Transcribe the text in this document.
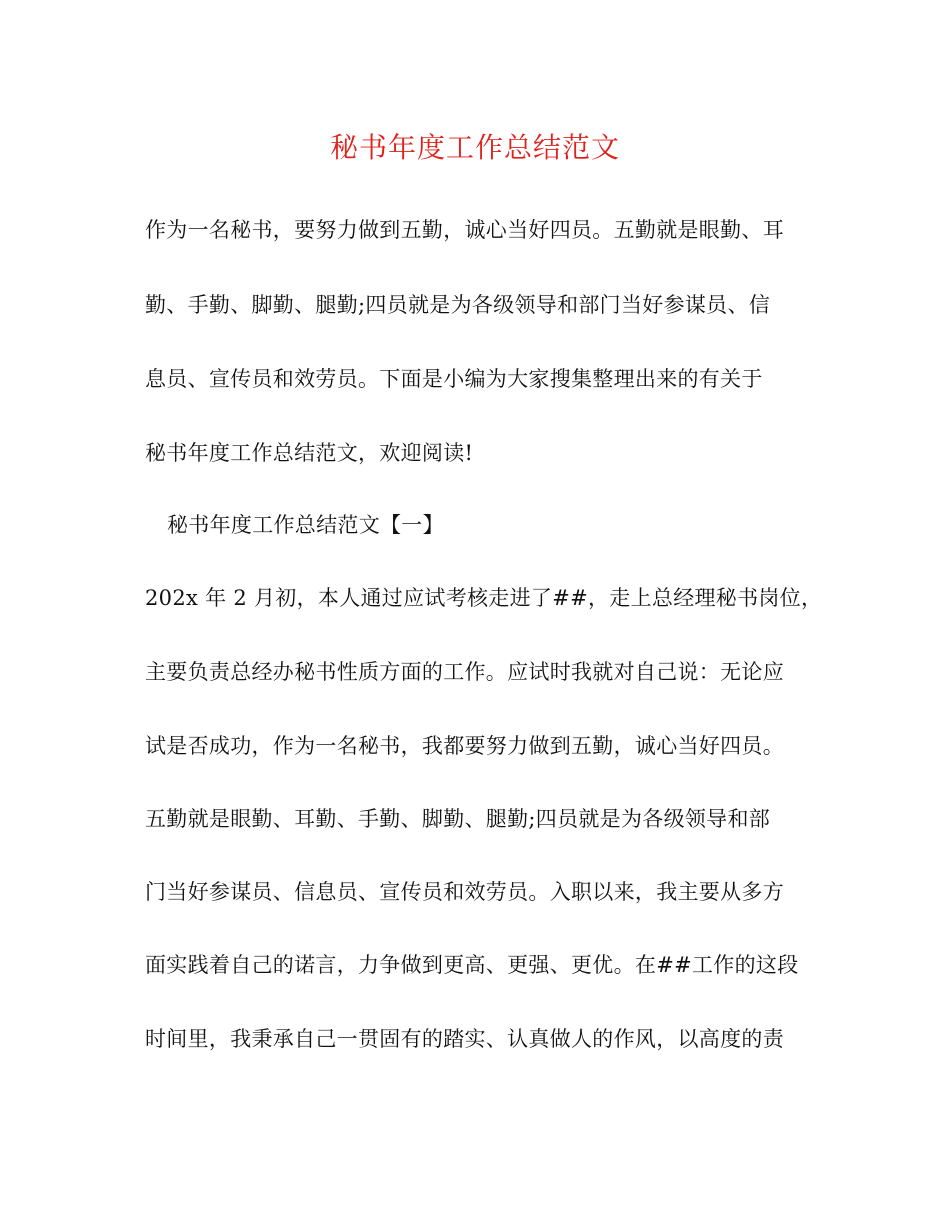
秘书年度工作总结范文
作为一名秘书，要努力做到五勤，诚心当好四员。五勤就是眼勤、耳
勤、手勤、脚勤、腿勤;四员就是为各级领导和部门当好参谋员、信
息员、宣传员和效劳员。下面是小编为大家搜集整理出来的有关于
秘书年度工作总结范文，欢迎阅读!
秘书年度工作总结范文【一】
202x 年 2 月初，本人通过应试考核走进了##，走上总经理秘书岗位，
主要负责总经办秘书性质方面的工作。应试时我就对自己说：无论应
试是否成功，作为一名秘书，我都要努力做到五勤，诚心当好四员。
五勤就是眼勤、耳勤、手勤、脚勤、腿勤;四员就是为各级领导和部
门当好参谋员、信息员、宣传员和效劳员。入职以来，我主要从多方
面实践着自己的诺言，力争做到更高、更强、更优。在##工作的这段
时间里，我秉承自己一贯固有的踏实、认真做人的作风，以高度的责
